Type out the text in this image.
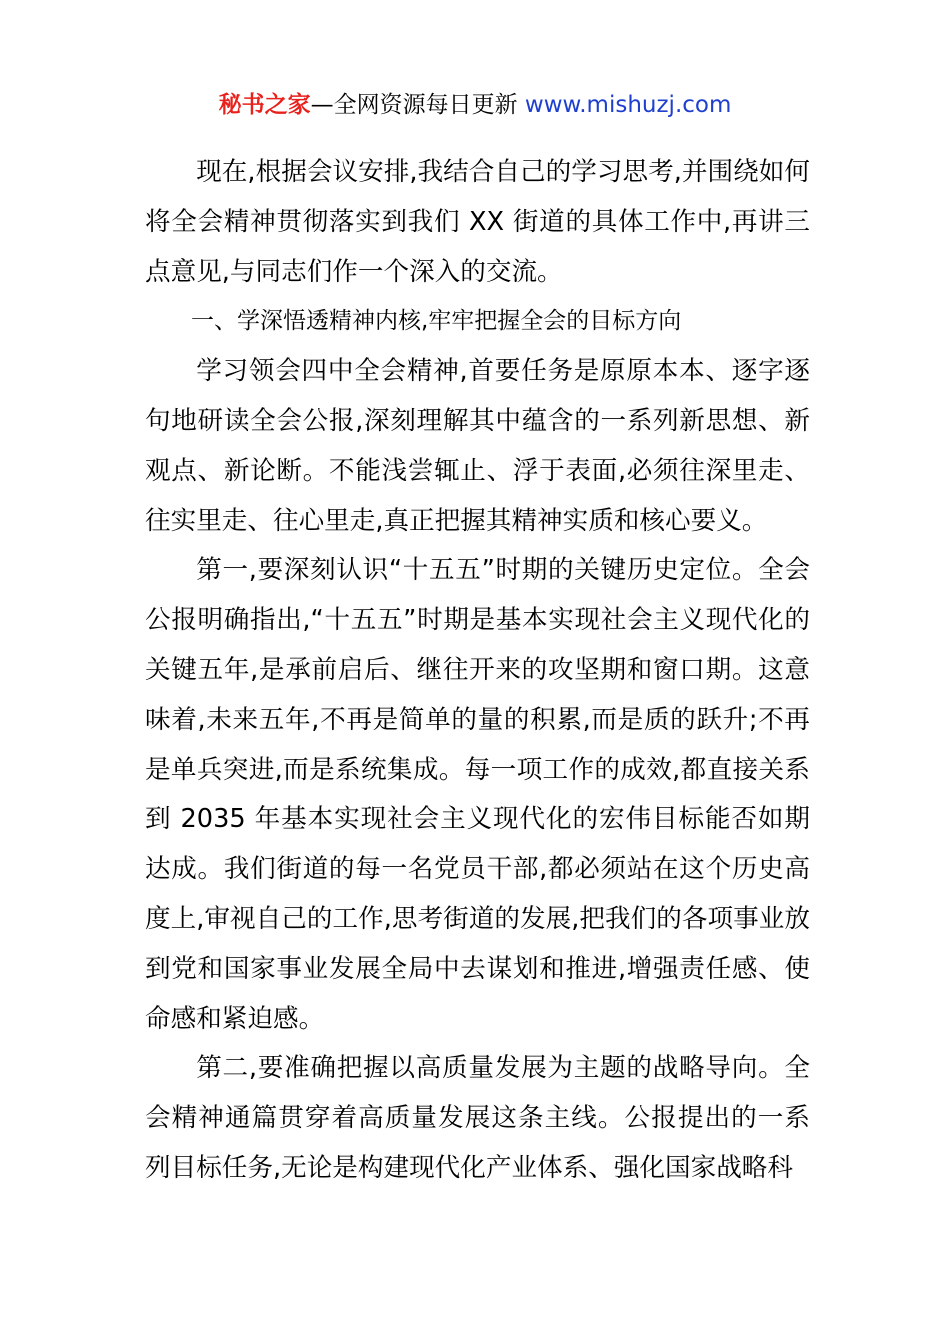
秘书之家—全网资源每日更新 www.mishuzj.com

现在,根据会议安排,我结合自己的学习思考,并围绕如何将全会精神贯彻落实到我们 XX 街道的具体工作中,再讲三点意见,与同志们作一个深入的交流。

一、学深悟透精神内核,牢牢把握全会的目标方向

学习领会四中全会精神,首要任务是原原本本、逐字逐句地研读全会公报,深刻理解其中蕴含的一系列新思想、新观点、新论断。不能浅尝辄止、浮于表面,必须往深里走、往实里走、往心里走,真正把握其精神实质和核心要义。

第一,要深刻认识“十五五”时期的关键历史定位。全会公报明确指出,“十五五”时期是基本实现社会主义现代化的关键五年,是承前启后、继往开来的攻坚期和窗口期。这意味着,未来五年,不再是简单的量的积累,而是质的跃升;不再是单兵突进,而是系统集成。每一项工作的成效,都直接关系到 2035 年基本实现社会主义现代化的宏伟目标能否如期达成。我们街道的每一名党员干部,都必须站在这个历史高度上,审视自己的工作,思考街道的发展,把我们的各项事业放到党和国家事业发展全局中去谋划和推进,增强责任感、使命感和紧迫感。

第二,要准确把握以高质量发展为主题的战略导向。全会精神通篇贯穿着高质量发展这条主线。公报提出的一系列目标任务,无论是构建现代化产业体系、强化国家战略科
